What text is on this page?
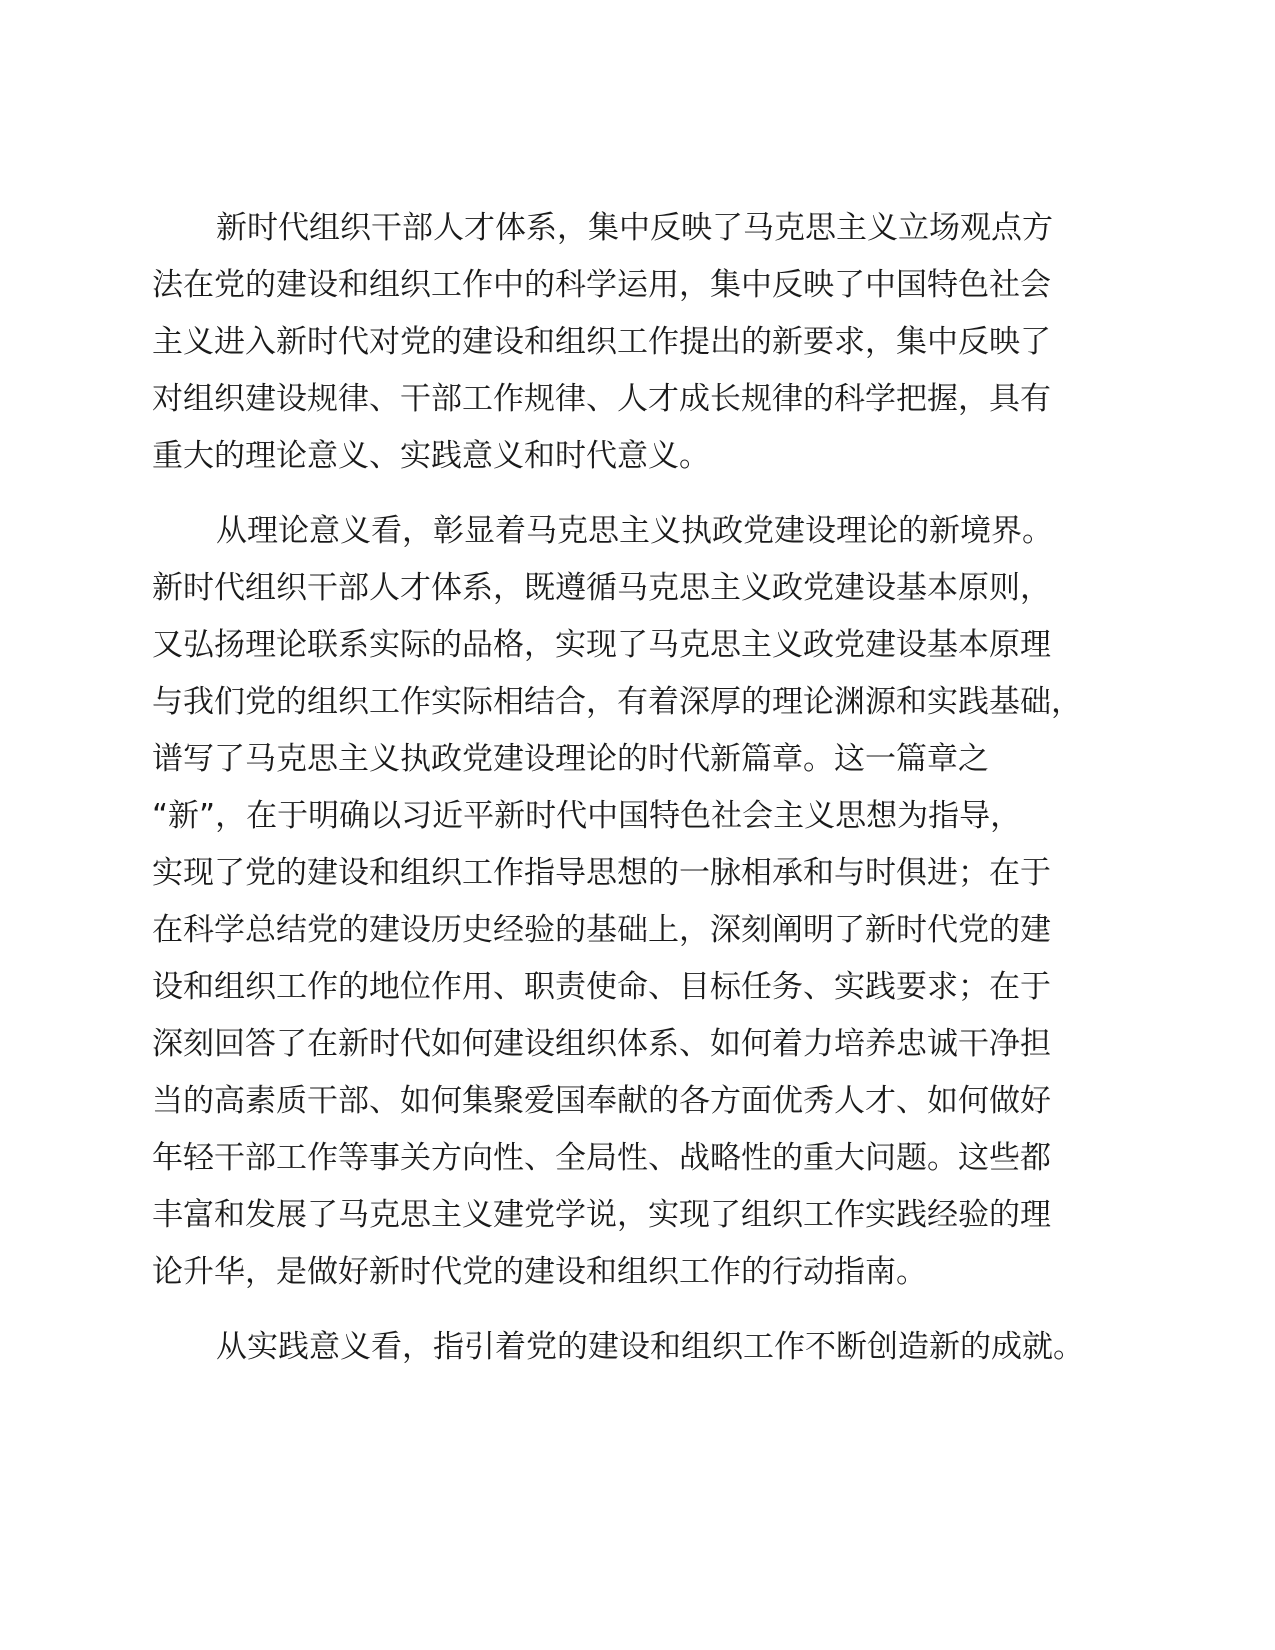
新时代组织干部人才体系，集中反映了马克思主义立场观点方
法在党的建设和组织工作中的科学运用，集中反映了中国特色社会
主义进入新时代对党的建设和组织工作提出的新要求，集中反映了
对组织建设规律、干部工作规律、人才成长规律的科学把握，具有
重大的理论意义、实践意义和时代意义。
从理论意义看，彰显着马克思主义执政党建设理论的新境界。
新时代组织干部人才体系，既遵循马克思主义政党建设基本原则，
又弘扬理论联系实际的品格，实现了马克思主义政党建设基本原理
与我们党的组织工作实际相结合，有着深厚的理论渊源和实践基础，
谱写了马克思主义执政党建设理论的时代新篇章。这一篇章之
“新”，在于明确以习近平新时代中国特色社会主义思想为指导，
实现了党的建设和组织工作指导思想的一脉相承和与时俱进；在于
在科学总结党的建设历史经验的基础上，深刻阐明了新时代党的建
设和组织工作的地位作用、职责使命、目标任务、实践要求；在于
深刻回答了在新时代如何建设组织体系、如何着力培养忠诚干净担
当的高素质干部、如何集聚爱国奉献的各方面优秀人才、如何做好
年轻干部工作等事关方向性、全局性、战略性的重大问题。这些都
丰富和发展了马克思主义建党学说，实现了组织工作实践经验的理
论升华，是做好新时代党的建设和组织工作的行动指南。
从实践意义看，指引着党的建设和组织工作不断创造新的成就。
